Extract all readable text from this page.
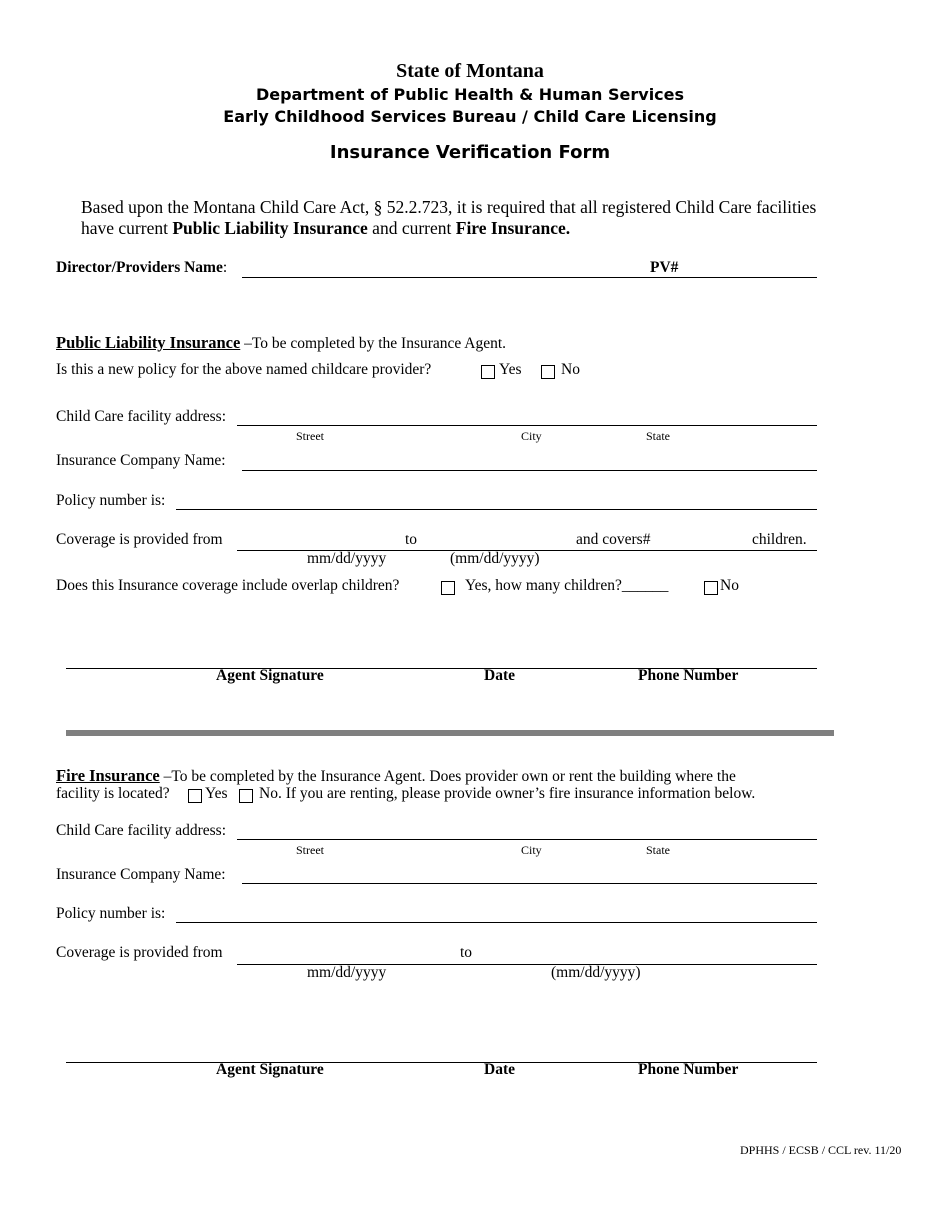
State of Montana
Department of Public Health & Human Services
Early Childhood Services Bureau / Child Care Licensing
Insurance Verification Form
Based upon the Montana Child Care Act, § 52.2.723, it is required that all registered Child Care facilities have current Public Liability Insurance and current Fire Insurance.
Director/Providers Name:	PV#
Public Liability Insurance –To be completed by the Insurance Agent.
Is this a new policy for the above named childcare provider?	Yes	No
Child Care facility address:
Street	City	State
Insurance Company Name:
Policy number is:
Coverage is provided from	to	and covers#	children.
mm/dd/yyyy	(mm/dd/yyyy)
Does this Insurance coverage include overlap children?	Yes, how many children?______	No
Agent Signature	Date	Phone Number
Fire Insurance –To be completed by the Insurance Agent. Does provider own or rent the building where the
facility is located? Yes No. If you are renting, please provide owner’s fire insurance information below.
Child Care facility address:
Street	City	State
Insurance Company Name:
Policy number is:
Coverage is provided from	to
mm/dd/yyyy	(mm/dd/yyyy)
Agent Signature	Date	Phone Number
DPHHS / ECSB / CCL rev. 11/20
